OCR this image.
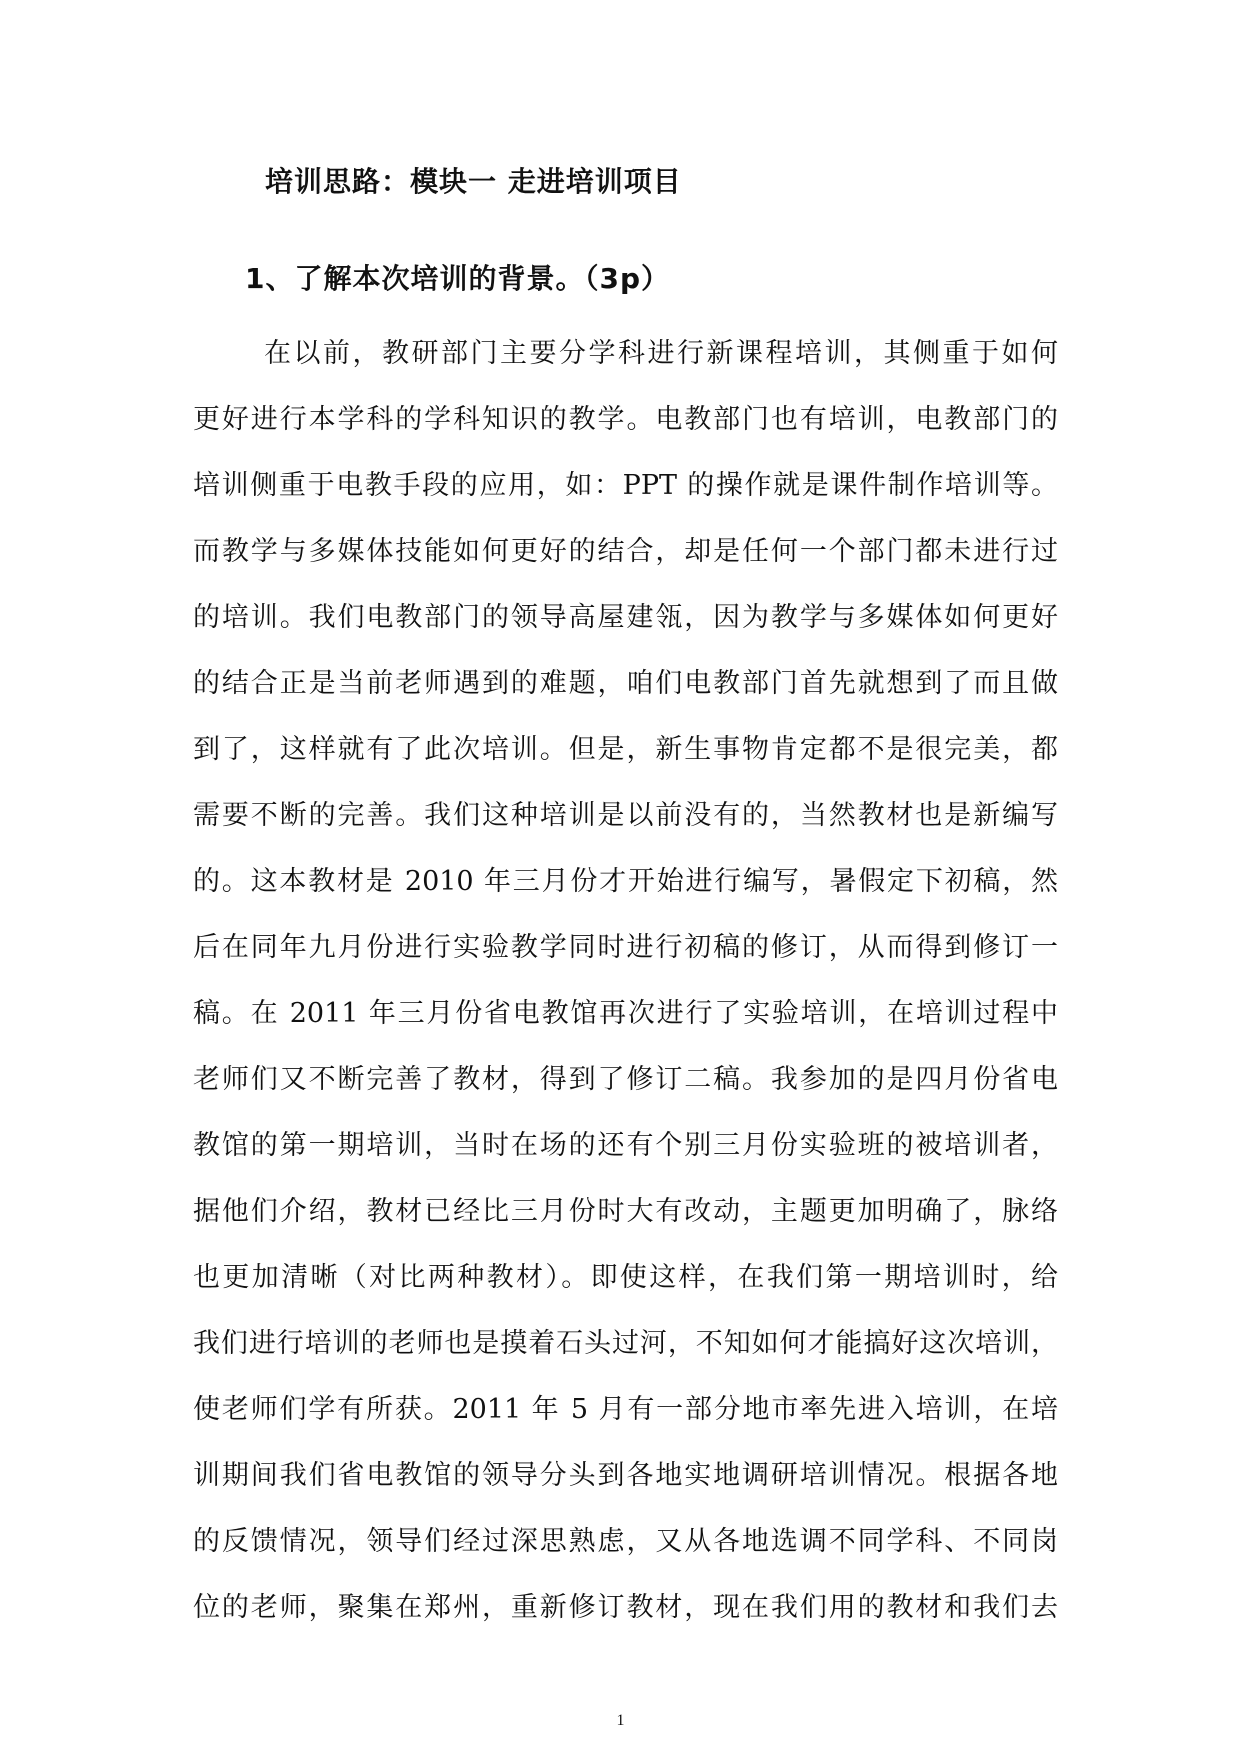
培训思路：模块一 走进培训项目
1、了解本次培训的背景。（3p）
在以前，教研部门主要分学科进行新课程培训，其侧重于如何
更好进行本学科的学科知识的教学。电教部门也有培训，电教部门的
培训侧重于电教手段的应用，如：PPT 的操作就是课件制作培训等。
而教学与多媒体技能如何更好的结合，却是任何一个部门都未进行过
的培训。我们电教部门的领导高屋建瓴，因为教学与多媒体如何更好
的结合正是当前老师遇到的难题，咱们电教部门首先就想到了而且做
到了，这样就有了此次培训。但是，新生事物肯定都不是很完美，都
需要不断的完善。我们这种培训是以前没有的，当然教材也是新编写
的。这本教材是 2010 年三月份才开始进行编写，暑假定下初稿，然
后在同年九月份进行实验教学同时进行初稿的修订，从而得到修订一
稿。在 2011 年三月份省电教馆再次进行了实验培训，在培训过程中
老师们又不断完善了教材，得到了修订二稿。我参加的是四月份省电
教馆的第一期培训，当时在场的还有个别三月份实验班的被培训者，
据他们介绍，教材已经比三月份时大有改动，主题更加明确了，脉络
也更加清晰（对比两种教材）。即使这样，在我们第一期培训时，给
我们进行培训的老师也是摸着石头过河，不知如何才能搞好这次培训，
使老师们学有所获。2011 年 5 月有一部分地市率先进入培训，在培
训期间我们省电教馆的领导分头到各地实地调研培训情况。根据各地
的反馈情况，领导们经过深思熟虑，又从各地选调不同学科、不同岗
位的老师，聚集在郑州，重新修订教材，现在我们用的教材和我们去
1
